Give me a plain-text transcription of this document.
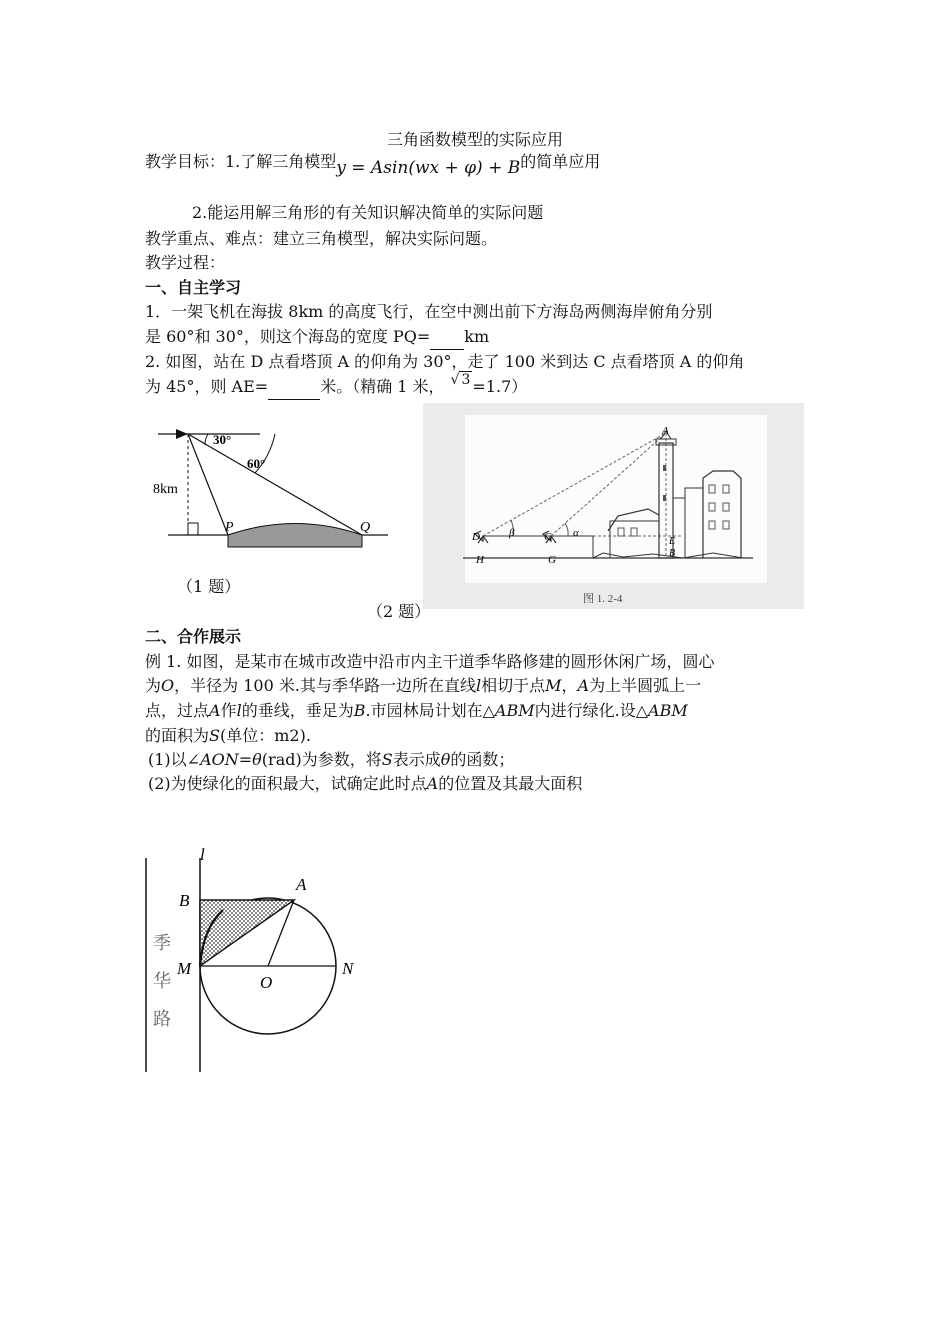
三角函数模型的实际应用
教学目标：1.了解三角模型y = Asin(wx + φ) + B的简单应用
2.能运用解三角形的有关知识解决简单的实际问题
教学重点、难点：建立三角模型，解决实际问题。
教学过程：
一、自主学习
1．一架飞机在海拔 8km 的高度飞行，在空中测出前下方海岛两侧海岸俯角分别
是 60°和 30°，则这个海岛的宽度 PQ= km
2. 如图，站在 D 点看塔顶 A 的仰角为 30°，走了 100 米到达 C 点看塔顶 A 的仰角
为 45°，则 AE=	米。（精确 1 米， √ 3 =1.7）
30°
60°
8km
P	Q
（1 题）
A
D	C
β	α
E
B
H	G
图 1. 2-4
（2 题）
二、合作展示
例 1. 如图，是某市在城市改造中沿市内主干道季华路修建的圆形休闲广场，圆心
为O，半径为 100 米.其与季华路一边所在直线l相切于点M，A为上半圆弧上一
点，过点A作l的垂线，垂足为B.市园林局计划在△ABM内进行绿化.设△ABM
的面积为S(单位：m2).
(1)以∠AON=θ(rad)为参数，将S表示成θ的函数；
(2)为使绿化的面积最大，试确定此时点A的位置及其最大面积
l
A
B
M
O
N
季
华
路
